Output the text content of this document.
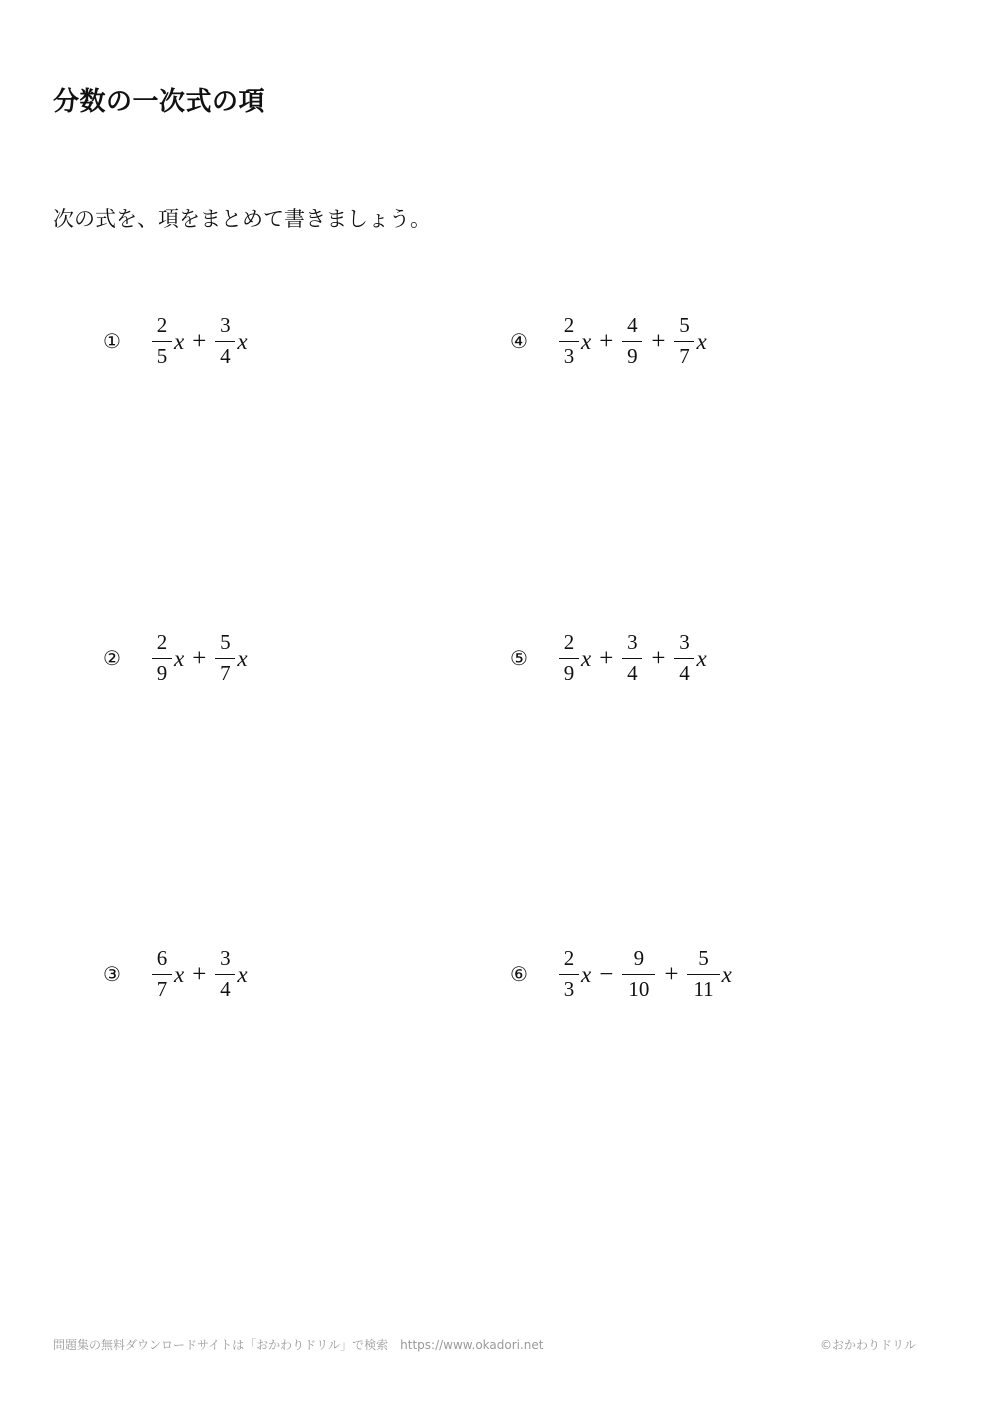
分数の一次式の項
次の式を、項をまとめて書きましょう。
①	$\frac{2}{5}$ $x + \frac{3}{4}$ x
②	$\frac{2}{9}$ $x + \frac{5}{7}$ x
③	$\frac{6}{7}$ $x + \frac{3}{4}$ x
④	$\frac{2}{3}$ $x + \frac{4}{9} + \frac{5}{7}$ x
⑤	$\frac{2}{9}$ $x + \frac{3}{4} + \frac{3}{4}$ x
⑥	$\frac{2}{3}$ $x - \frac{9}{10} + \frac{5}{11}$ x
問題集の無料ダウンロードサイトは「おかわりドリル」で検索　https://www.okadori.net	©おかわりドリル
